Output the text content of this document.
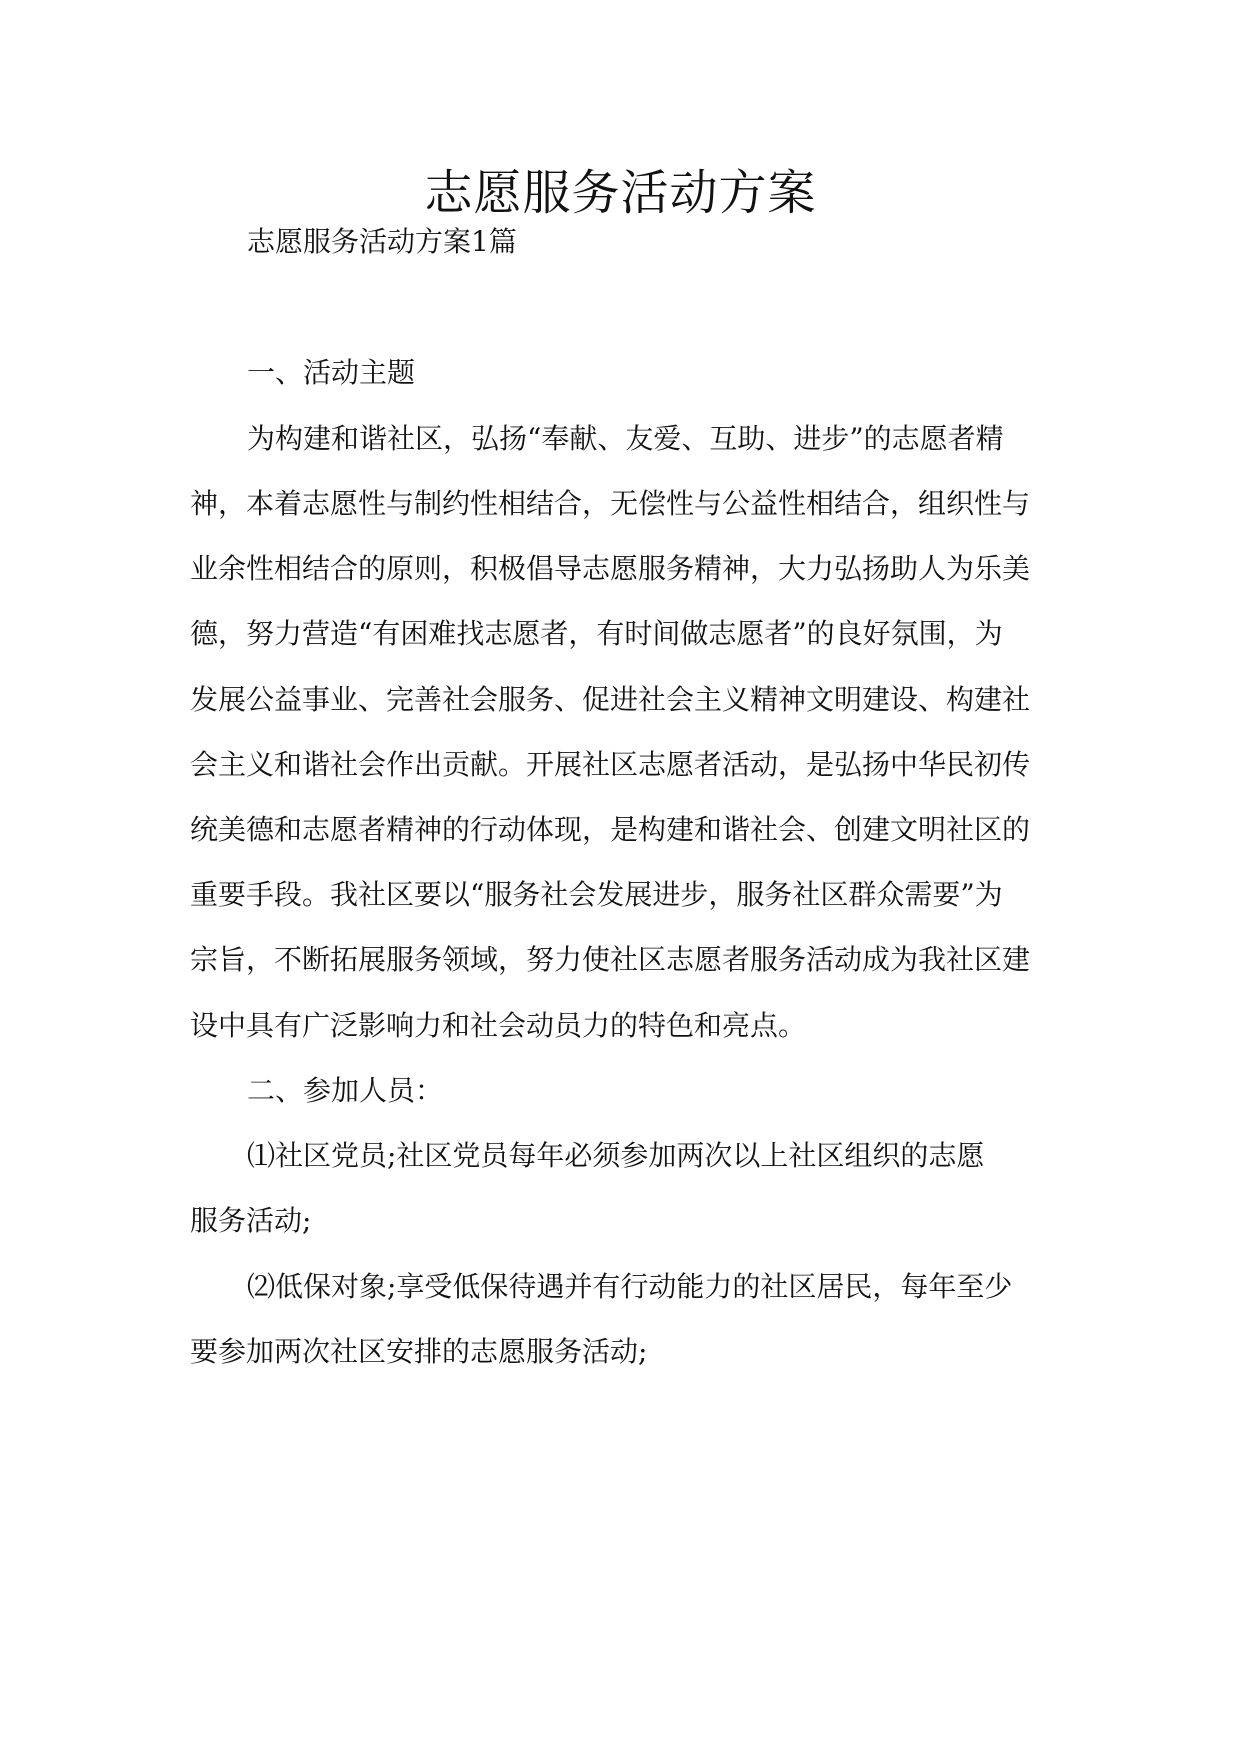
志愿服务活动方案

志愿服务活动方案1篇

一、活动主题

为构建和谐社区，弘扬“奉献、友爱、互助、进步”的志愿者精

神，本着志愿性与制约性相结合，无偿性与公益性相结合，组织性与

业余性相结合的原则，积极倡导志愿服务精神，大力弘扬助人为乐美

德，努力营造“有困难找志愿者，有时间做志愿者”的良好氛围，为

发展公益事业、完善社会服务、促进社会主义精神文明建设、构建社

会主义和谐社会作出贡献。开展社区志愿者活动，是弘扬中华民初传

统美德和志愿者精神的行动体现，是构建和谐社会、创建文明社区的

重要手段。我社区要以“服务社会发展进步，服务社区群众需要”为

宗旨，不断拓展服务领域，努力使社区志愿者服务活动成为我社区建

设中具有广泛影响力和社会动员力的特色和亮点。

二、参加人员：

⑴社区党员;社区党员每年必须参加两次以上社区组织的志愿

服务活动;

⑵低保对象;享受低保待遇并有行动能力的社区居民，每年至少

要参加两次社区安排的志愿服务活动;
